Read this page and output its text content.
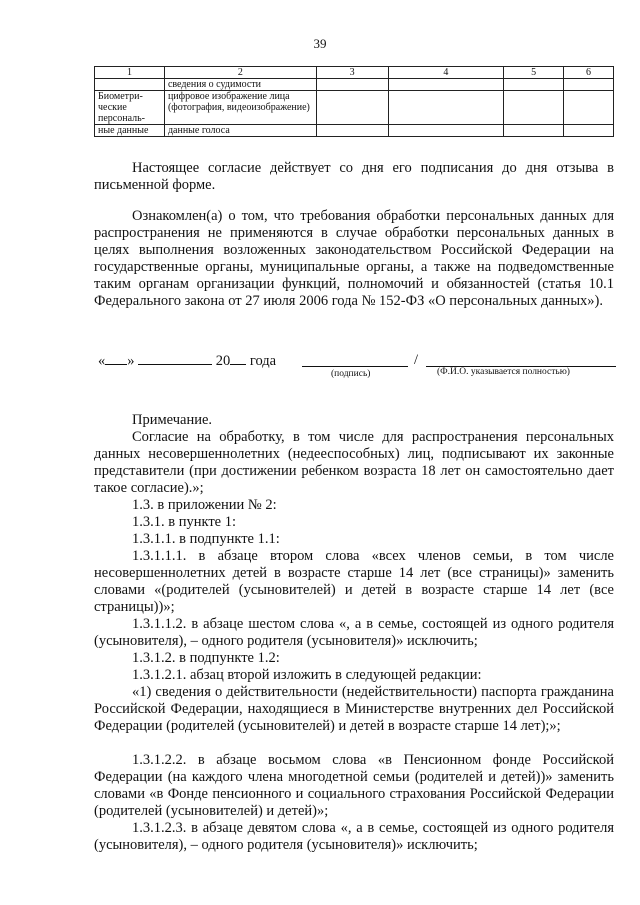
39
1	2	3	4	5	6
	сведения о судимости				
Биометри-ческие персональ-	цифровое изображение лица (фотография, видеоизображение)				
ные данные	данные голоса				
Настоящее согласие действует со дня его подписания до дня отзыва в письменной форме.
Ознакомлен(а) о том, что требования обработки персональных данных для распространения не применяются в случае обработки персональных данных в целях выполнения возложенных законодательством Российской Федерации на государственные органы, муниципальные органы, а также на подведомственные таким органам организации функций, полномочий и обязанностей (статья 10.1 Федерального закона от 27 июля 2006 года № 152-ФЗ «О персональных данных»).
« »	20 года	/
(подпись)	(Ф.И.О. указывается полностью)
Примечание.
Согласие на обработку, в том числе для распространения персональных данных несовершеннолетних (недееспособных) лиц, подписывают их законные представители (при достижении ребенком возраста 18 лет он самостоятельно дает такое согласие).»;
1.3. в приложении № 2:
1.3.1. в пункте 1:
1.3.1.1. в подпункте 1.1:
1.3.1.1.1. в абзаце втором слова «всех членов семьи, в том числе несовершеннолетних детей в возрасте старше 14 лет (все страницы)» заменить словами «(родителей (усыновителей) и детей в возрасте старше 14 лет (все страницы))»;
1.3.1.1.2. в абзаце шестом слова «, а в семье, состоящей из одного родителя (усыновителя), – одного родителя (усыновителя)» исключить;
1.3.1.2. в подпункте 1.2:
1.3.1.2.1. абзац второй изложить в следующей редакции:
«1) сведения о действительности (недействительности) паспорта гражданина Российской Федерации, находящиеся в Министерстве внутренних дел Российской Федерации (родителей (усыновителей) и детей в возрасте старше 14 лет);»;
1.3.1.2.2. в абзаце восьмом слова «в Пенсионном фонде Российской Федерации (на каждого члена многодетной семьи (родителей и детей))» заменить словами «в Фонде пенсионного и социального страхования Российской Федерации (родителей (усыновителей) и детей)»;
1.3.1.2.3. в абзаце девятом слова «, а в семье, состоящей из одного родителя (усыновителя), – одного родителя (усыновителя)» исключить;
